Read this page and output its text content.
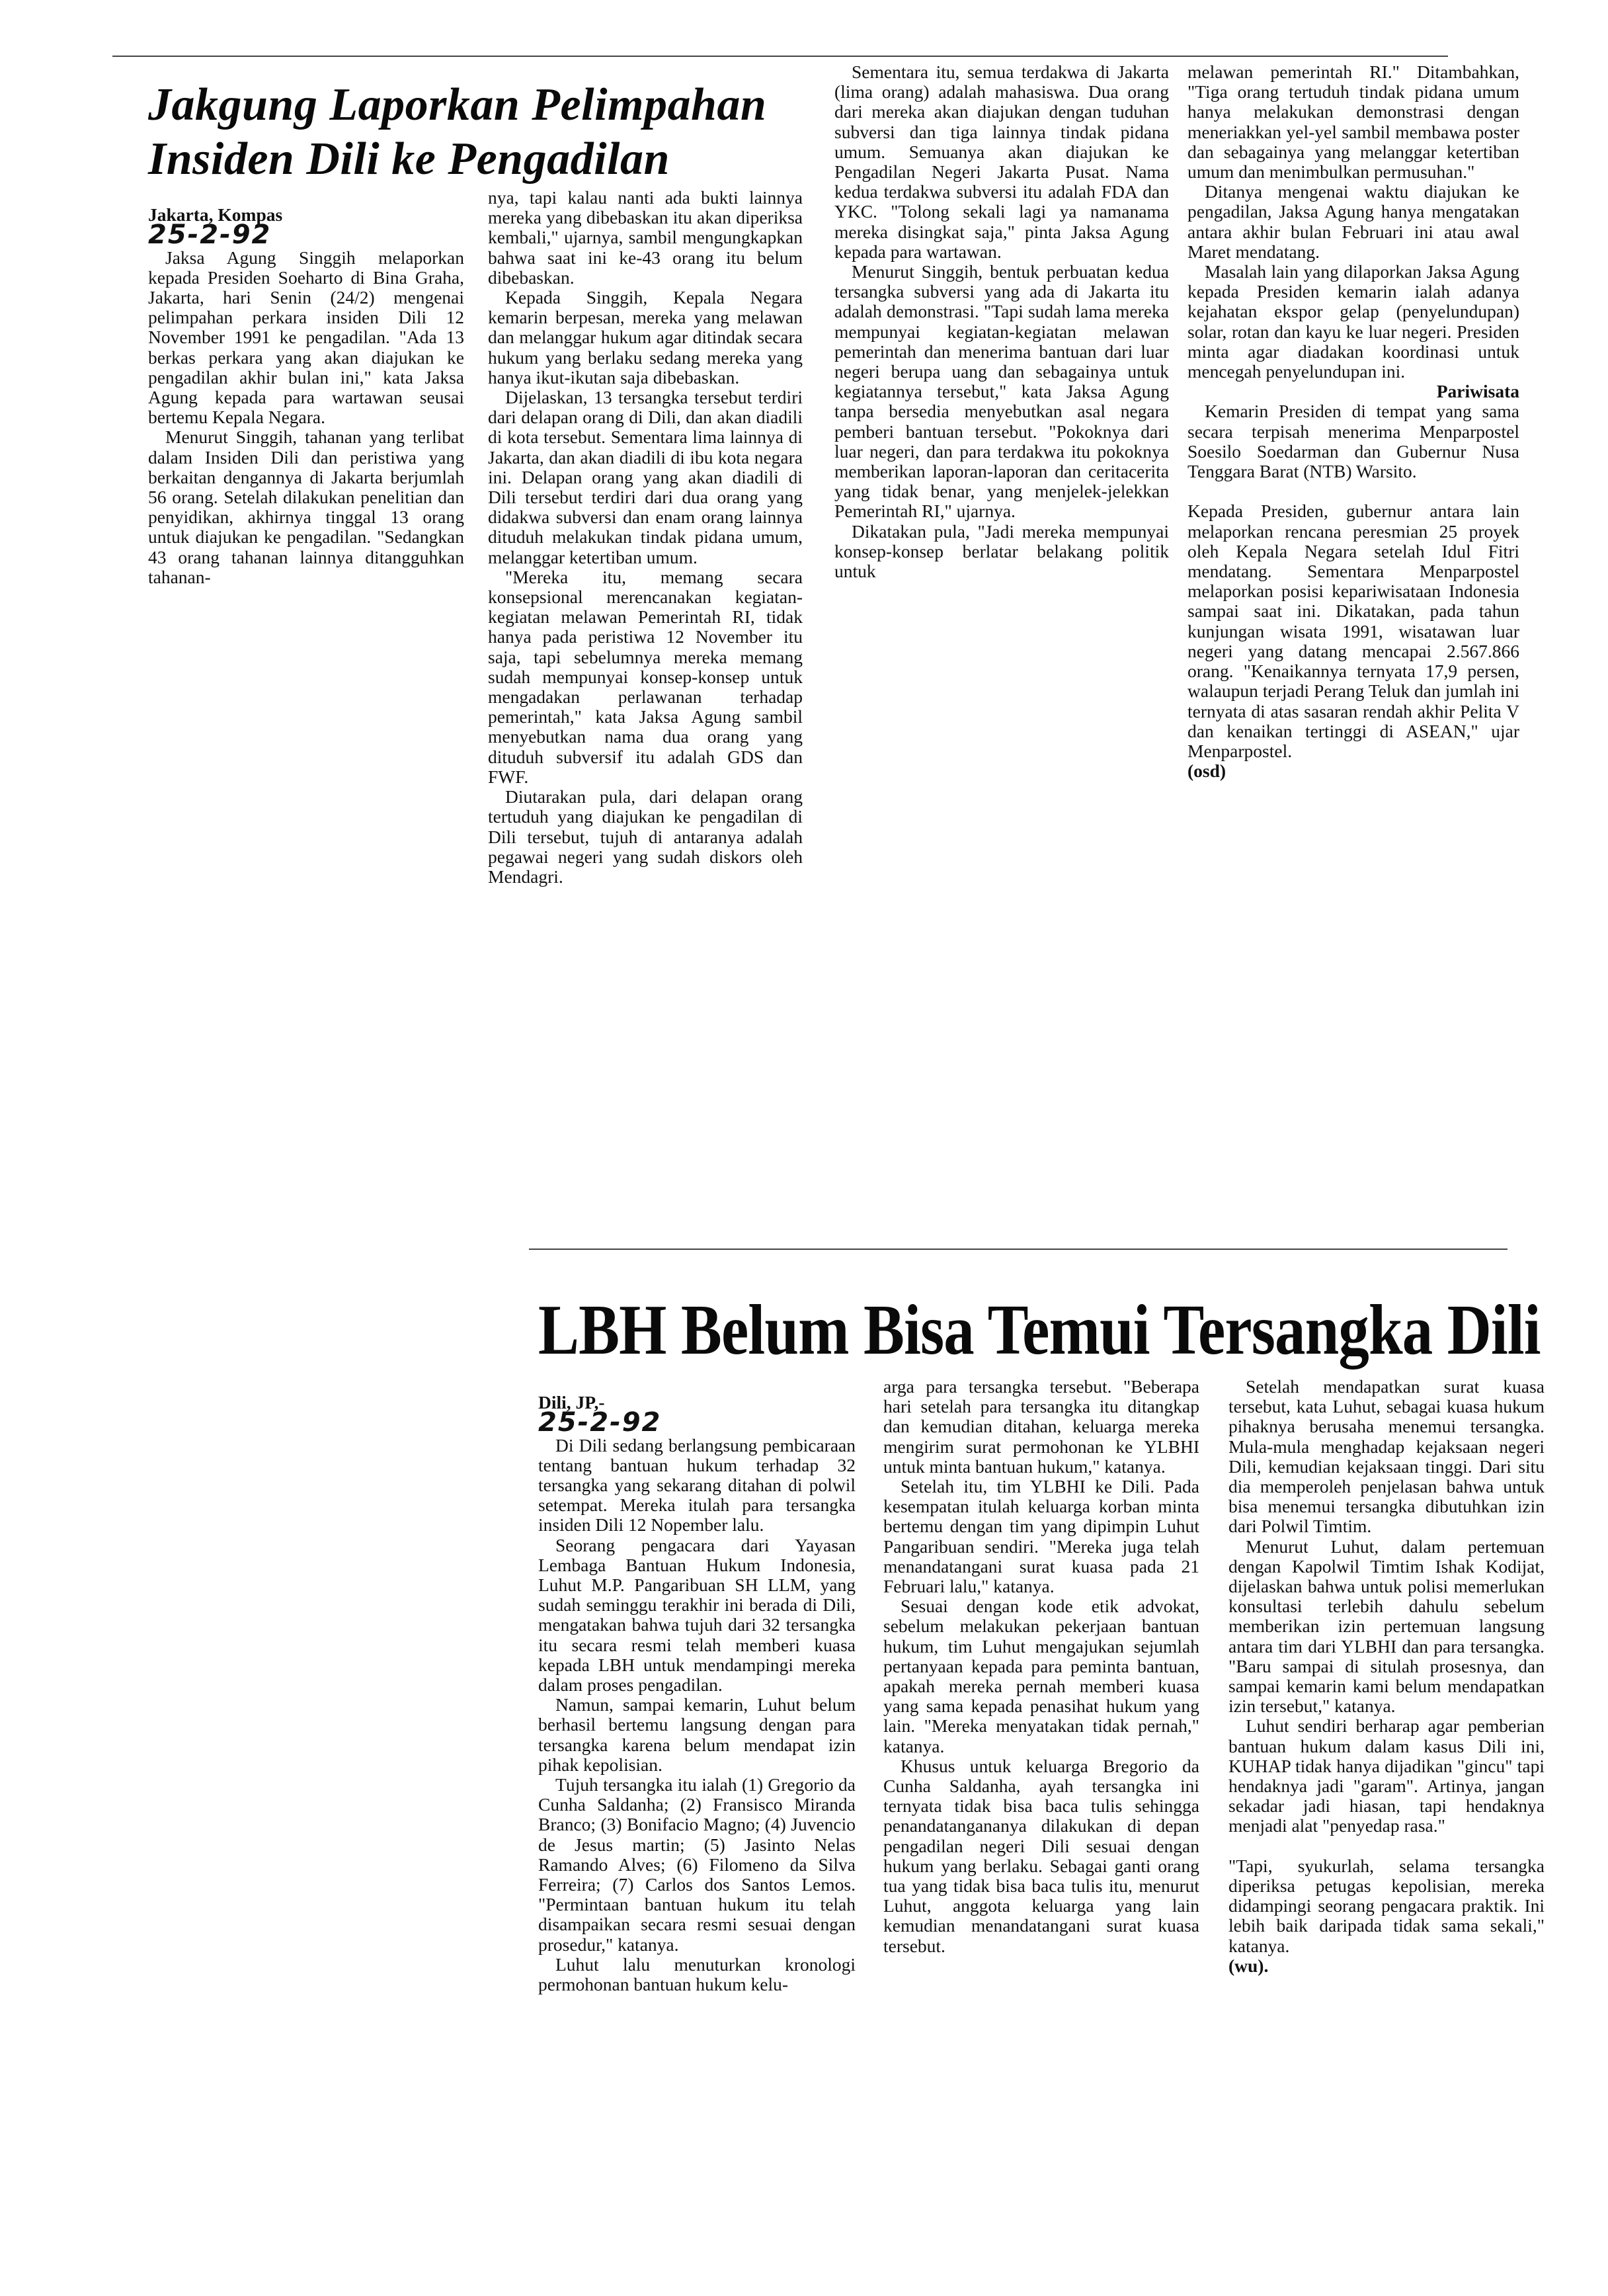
Jakgung Laporkan Pelimpahan
Insiden Dili ke Pengadilan

Jakarta, Kompas
25-2-92

Jaksa Agung Singgih melaporkan kepada Presiden Soeharto di Bina Graha, Jakarta, hari Senin (24/2) mengenai pelimpahan perkara insiden Dili 12 November 1991 ke pengadilan. "Ada 13 berkas perkara yang akan diajukan ke pengadilan akhir bulan ini," kata Jaksa Agung kepada para wartawan seusai bertemu Kepala Negara.

Menurut Singgih, tahanan yang terlibat dalam Insiden Dili dan peristiwa yang berkaitan dengannya di Jakarta berjumlah 56 orang. Setelah dilakukan penelitian dan penyidikan, akhirnya tinggal 13 orang untuk diajukan ke pengadilan. "Sedangkan 43 orang tahanan lainnya ditangguhkan tahanan-

nya, tapi kalau nanti ada bukti lainnya mereka yang dibebaskan itu akan diperiksa kembali," ujarnya, sambil mengungkapkan bahwa saat ini ke-43 orang itu belum dibebaskan.

Kepada Singgih, Kepala Negara kemarin berpesan, mereka yang melawan dan melanggar hukum agar ditindak secara hukum yang berlaku sedang mereka yang hanya ikut-ikutan saja dibebaskan.

Dijelaskan, 13 tersangka tersebut terdiri dari delapan orang di Dili, dan akan diadili di kota tersebut. Sementara lima lainnya di Jakarta, dan akan diadili di ibu kota negara ini. Delapan orang yang akan diadili di Dili tersebut terdiri dari dua orang yang didakwa subversi dan enam orang lainnya dituduh melakukan tindak pidana umum, melanggar ketertiban umum.

"Mereka itu, memang secara konsepsional merencanakan kegiatan-kegiatan melawan Pemerintah RI, tidak hanya pada peristiwa 12 November itu saja, tapi sebelumnya mereka memang sudah mempunyai konsep-konsep untuk mengadakan perlawanan terhadap pemerintah," kata Jaksa Agung sambil menyebutkan nama dua orang yang dituduh subversif itu adalah GDS dan FWF.

Diutarakan pula, dari delapan orang tertuduh yang diajukan ke pengadilan di Dili tersebut, tujuh di antaranya adalah pegawai negeri yang sudah diskors oleh Mendagri.

Sementara itu, semua terdakwa di Jakarta (lima orang) adalah mahasiswa. Dua orang dari mereka akan diajukan dengan tuduhan subversi dan tiga lainnya tindak pidana umum. Semuanya akan diajukan ke Pengadilan Negeri Jakarta Pusat. Nama kedua terdakwa subversi itu adalah FDA dan YKC. "Tolong sekali lagi ya namanama mereka disingkat saja," pinta Jaksa Agung kepada para wartawan.

Menurut Singgih, bentuk perbuatan kedua tersangka subversi yang ada di Jakarta itu adalah demonstrasi. "Tapi sudah lama mereka mempunyai kegiatan-kegiatan melawan pemerintah dan menerima bantuan dari luar negeri berupa uang dan sebagainya untuk kegiatannya tersebut," kata Jaksa Agung tanpa bersedia menyebutkan asal negara pemberi bantuan tersebut. "Pokoknya dari luar negeri, dan para terdakwa itu pokoknya memberikan laporan-laporan dan ceritacerita yang tidak benar, yang menjelek-jelekkan Pemerintah RI," ujarnya.

Dikatakan pula, "Jadi mereka mempunyai konsep-konsep berlatar belakang politik untuk

melawan pemerintah RI." Ditambahkan, "Tiga orang tertuduh tindak pidana umum hanya melakukan demonstrasi dengan meneriakkan yel-yel sambil membawa poster dan sebagainya yang melanggar ketertiban umum dan menimbulkan permusuhan."

Ditanya mengenai waktu diajukan ke pengadilan, Jaksa Agung hanya mengatakan antara akhir bulan Februari ini atau awal Maret mendatang.

Masalah lain yang dilaporkan Jaksa Agung kepada Presiden kemarin ialah adanya kejahatan ekspor gelap (penyelundupan) solar, rotan dan kayu ke luar negeri. Presiden minta agar diadakan koordinasi untuk mencegah penyelundupan ini.

Pariwisata

Kemarin Presiden di tempat yang sama secara terpisah menerima Menparpostel Soesilo Soedarman dan Gubernur Nusa Tenggara Barat (NTB) Warsito.

Kepada Presiden, gubernur antara lain melaporkan rencana peresmian 25 proyek oleh Kepala Negara setelah Idul Fitri mendatang. Sementara Menparpostel melaporkan posisi kepariwisataan Indonesia sampai saat ini. Dikatakan, pada tahun kunjungan wisata 1991, wisatawan luar negeri yang datang mencapai 2.567.866 orang. "Kenaikannya ternyata 17,9 persen, walaupun terjadi Perang Teluk dan jumlah ini ternyata di atas sasaran rendah akhir Pelita V dan kenaikan tertinggi di ASEAN," ujar Menparpostel.
(osd)

LBH Belum Bisa Temui Tersangka Dili

Dili, JP,-
25-2-92

Di Dili sedang berlangsung pembicaraan tentang bantuan hukum terhadap 32 tersangka yang sekarang ditahan di polwil setempat. Mereka itulah para tersangka insiden Dili 12 Nopember lalu.

Seorang pengacara dari Yayasan Lembaga Bantuan Hukum Indonesia, Luhut M.P. Pangaribuan SH LLM, yang sudah seminggu terakhir ini berada di Dili, mengatakan bahwa tujuh dari 32 tersangka itu secara resmi telah memberi kuasa kepada LBH untuk mendampingi mereka dalam proses pengadilan.

Namun, sampai kemarin, Luhut belum berhasil bertemu langsung dengan para tersangka karena belum mendapat izin pihak kepolisian.

Tujuh tersangka itu ialah (1) Gregorio da Cunha Saldanha; (2) Fransisco Miranda Branco; (3) Bonifacio Magno; (4) Juvencio de Jesus martin; (5) Jasinto Nelas Ramando Alves; (6) Filomeno da Silva Ferreira; (7) Carlos dos Santos Lemos. "Permintaan bantuan hukum itu telah disampaikan secara resmi sesuai dengan prosedur," katanya.

Luhut lalu menuturkan kronologi permohonan bantuan hukum kelu-

arga para tersangka tersebut. "Beberapa hari setelah para tersangka itu ditangkap dan kemudian ditahan, keluarga mereka mengirim surat permohonan ke YLBHI untuk minta bantuan hukum," katanya.

Setelah itu, tim YLBHI ke Dili. Pada kesempatan itulah keluarga korban minta bertemu dengan tim yang dipimpin Luhut Pangaribuan sendiri. "Mereka juga telah menandatangani surat kuasa pada 21 Februari lalu," katanya.

Sesuai dengan kode etik advokat, sebelum melakukan pekerjaan bantuan hukum, tim Luhut mengajukan sejumlah pertanyaan kepada para peminta bantuan, apakah mereka pernah memberi kuasa yang sama kepada penasihat hukum yang lain. "Mereka menyatakan tidak pernah," katanya.

Khusus untuk keluarga Bregorio da Cunha Saldanha, ayah tersangka ini ternyata tidak bisa baca tulis sehingga penandatangananya dilakukan di depan pengadilan negeri Dili sesuai dengan hukum yang berlaku. Sebagai ganti orang tua yang tidak bisa baca tulis itu, menurut Luhut, anggota keluarga yang lain kemudian menandatangani surat kuasa tersebut.

Setelah mendapatkan surat kuasa tersebut, kata Luhut, sebagai kuasa hukum pihaknya berusaha menemui tersangka. Mula-mula menghadap kejaksaan negeri Dili, kemudian kejaksaan tinggi. Dari situ dia memperoleh penjelasan bahwa untuk bisa menemui tersangka dibutuhkan izin dari Polwil Timtim.

Menurut Luhut, dalam pertemuan dengan Kapolwil Timtim Ishak Kodijat, dijelaskan bahwa untuk polisi memerlukan konsultasi terlebih dahulu sebelum memberikan izin pertemuan langsung antara tim dari YLBHI dan para tersangka. "Baru sampai di situlah prosesnya, dan sampai kemarin kami belum mendapatkan izin tersebut," katanya.

Luhut sendiri berharap agar pemberian bantuan hukum dalam kasus Dili ini, KUHAP tidak hanya dijadikan "gincu" tapi hendaknya jadi "garam". Artinya, jangan sekadar jadi hiasan, tapi hendaknya menjadi alat "penyedap rasa."

"Tapi, syukurlah, selama tersangka diperiksa petugas kepolisian, mereka didampingi seorang pengacara praktik. Ini lebih baik daripada tidak sama sekali," katanya.
(wu).
